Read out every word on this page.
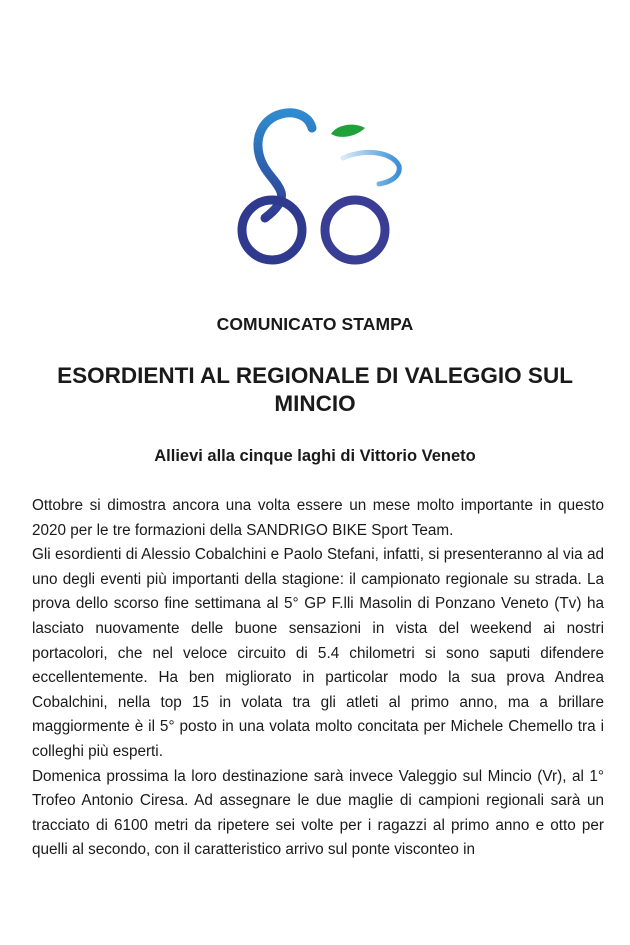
COMUNICATO STAMPA
ESORDIENTI AL REGIONALE DI VALEGGIO SUL MINCIO
Allievi alla cinque laghi di Vittorio Veneto

Ottobre si dimostra ancora una volta essere un mese molto importante in questo 2020 per le tre formazioni della SANDRIGO BIKE Sport Team.

Gli esordienti di Alessio Cobalchini e Paolo Stefani, infatti, si presenteranno al via ad uno degli eventi più importanti della stagione: il campionato regionale su strada. La prova dello scorso fine settimana al 5° GP F.lli Masolin di Ponzano Veneto (Tv) ha lasciato nuovamente delle buone sensazioni in vista del weekend ai nostri portacolori, che nel veloce circuito di 5.4 chilometri si sono saputi difendere eccellentemente. Ha ben migliorato in particolar modo la sua prova Andrea Cobalchini, nella top 15 in volata tra gli atleti al primo anno, ma a brillare maggiormente è il 5° posto in una volata molto concitata per Michele Chemello tra i colleghi più esperti.

Domenica prossima la loro destinazione sarà invece Valeggio sul Mincio (Vr), al 1° Trofeo Antonio Ciresa. Ad assegnare le due maglie di campioni regionali sarà un tracciato di 6100 metri da ripetere sei volte per i ragazzi al primo anno e otto per quelli al secondo, con il caratteristico arrivo sul ponte visconteo in
